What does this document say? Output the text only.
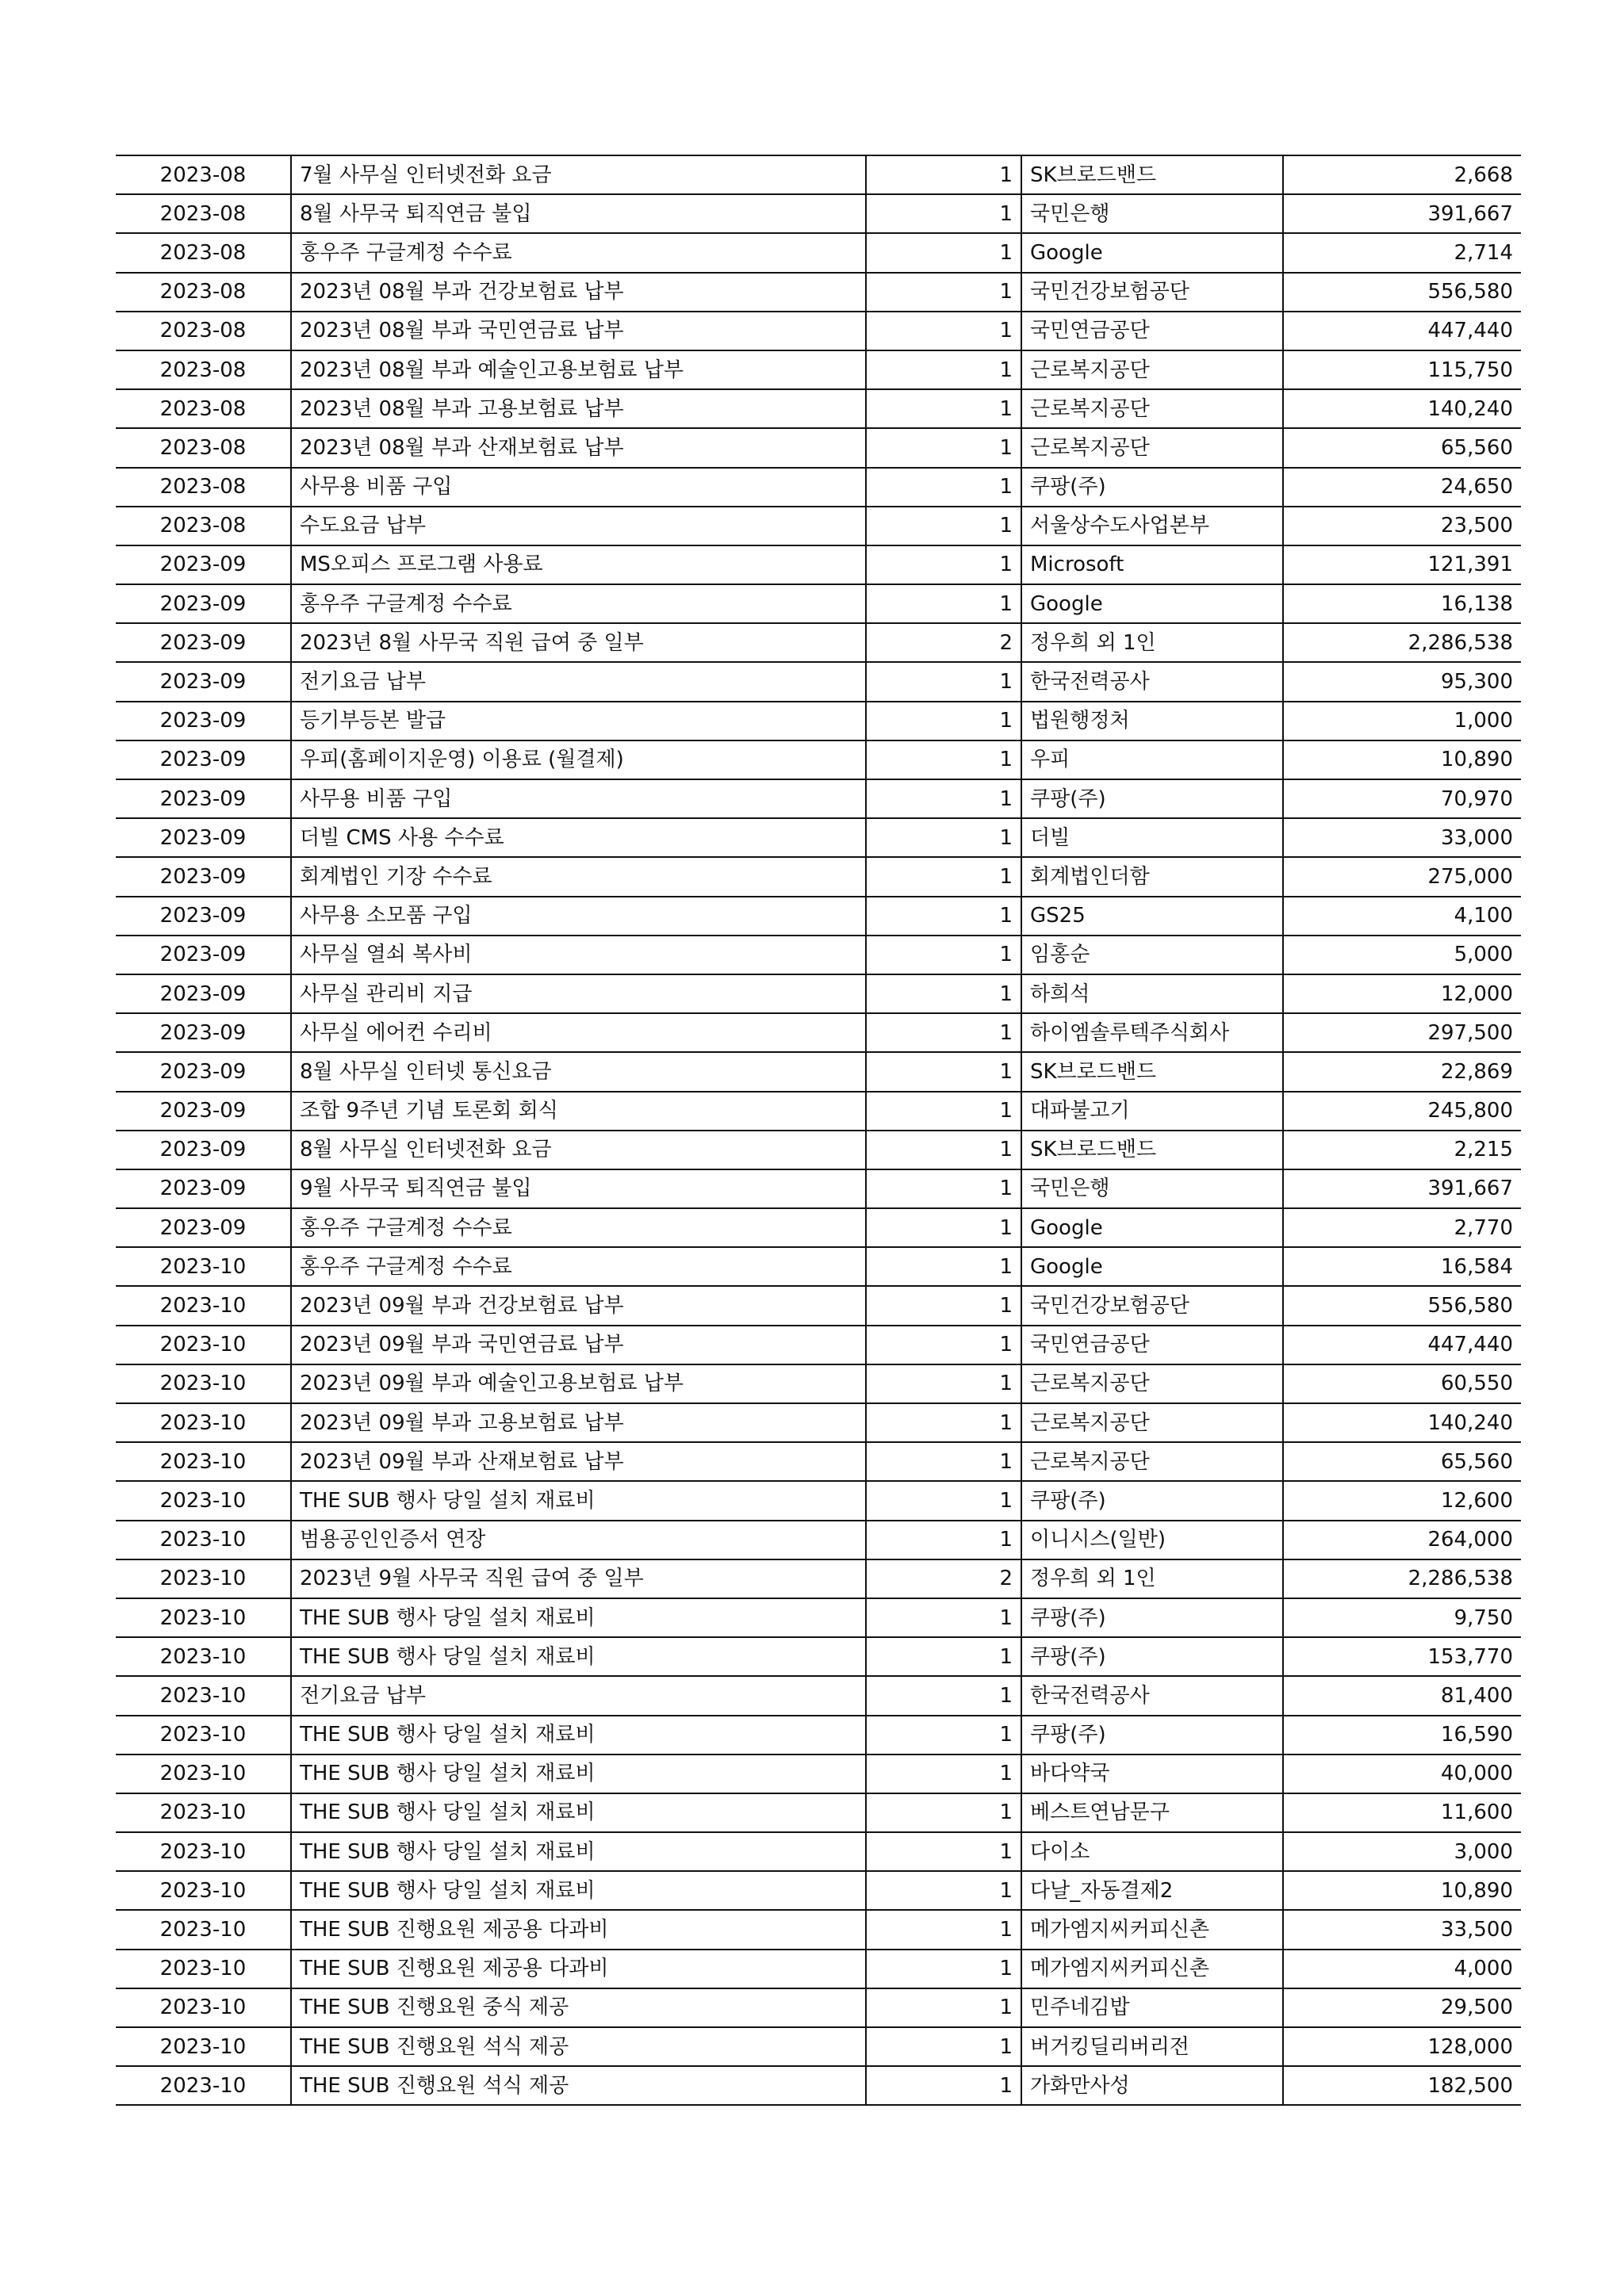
2023-08	7월 사무실 인터넷전화 요금	1	SK브로드밴드	2,668
2023-08	8월 사무국 퇴직연금 불입	1	국민은행	391,667
2023-08	홍우주 구글계정 수수료	1	Google	2,714
2023-08	2023년 08월 부과 건강보험료 납부	1	국민건강보험공단	556,580
2023-08	2023년 08월 부과 국민연금료 납부	1	국민연금공단	447,440
2023-08	2023년 08월 부과 예술인고용보험료 납부	1	근로복지공단	115,750
2023-08	2023년 08월 부과 고용보험료 납부	1	근로복지공단	140,240
2023-08	2023년 08월 부과 산재보험료 납부	1	근로복지공단	65,560
2023-08	사무용 비품 구입	1	쿠팡(주)	24,650
2023-08	수도요금 납부	1	서울상수도사업본부	23,500
2023-09	MS오피스 프로그램 사용료	1	Microsoft	121,391
2023-09	홍우주 구글계정 수수료	1	Google	16,138
2023-09	2023년 8월 사무국 직원 급여 중 일부	2	정우희 외 1인	2,286,538
2023-09	전기요금 납부	1	한국전력공사	95,300
2023-09	등기부등본 발급	1	법원행정처	1,000
2023-09	우피(홈페이지운영) 이용료 (월결제)	1	우피	10,890
2023-09	사무용 비품 구입	1	쿠팡(주)	70,970
2023-09	더빌 CMS 사용 수수료	1	더빌	33,000
2023-09	회계법인 기장 수수료	1	회계법인더함	275,000
2023-09	사무용 소모품 구입	1	GS25	4,100
2023-09	사무실 열쇠 복사비	1	임홍순	5,000
2023-09	사무실 관리비 지급	1	하희석	12,000
2023-09	사무실 에어컨 수리비	1	하이엠솔루텍주식회사	297,500
2023-09	8월 사무실 인터넷 통신요금	1	SK브로드밴드	22,869
2023-09	조합 9주년 기념 토론회 회식	1	대파불고기	245,800
2023-09	8월 사무실 인터넷전화 요금	1	SK브로드밴드	2,215
2023-09	9월 사무국 퇴직연금 불입	1	국민은행	391,667
2023-09	홍우주 구글계정 수수료	1	Google	2,770
2023-10	홍우주 구글계정 수수료	1	Google	16,584
2023-10	2023년 09월 부과 건강보험료 납부	1	국민건강보험공단	556,580
2023-10	2023년 09월 부과 국민연금료 납부	1	국민연금공단	447,440
2023-10	2023년 09월 부과 예술인고용보험료 납부	1	근로복지공단	60,550
2023-10	2023년 09월 부과 고용보험료 납부	1	근로복지공단	140,240
2023-10	2023년 09월 부과 산재보험료 납부	1	근로복지공단	65,560
2023-10	THE SUB 행사 당일 설치 재료비	1	쿠팡(주)	12,600
2023-10	범용공인인증서 연장	1	이니시스(일반)	264,000
2023-10	2023년 9월 사무국 직원 급여 중 일부	2	정우희 외 1인	2,286,538
2023-10	THE SUB 행사 당일 설치 재료비	1	쿠팡(주)	9,750
2023-10	THE SUB 행사 당일 설치 재료비	1	쿠팡(주)	153,770
2023-10	전기요금 납부	1	한국전력공사	81,400
2023-10	THE SUB 행사 당일 설치 재료비	1	쿠팡(주)	16,590
2023-10	THE SUB 행사 당일 설치 재료비	1	바다약국	40,000
2023-10	THE SUB 행사 당일 설치 재료비	1	베스트연남문구	11,600
2023-10	THE SUB 행사 당일 설치 재료비	1	다이소	3,000
2023-10	THE SUB 행사 당일 설치 재료비	1	다날_자동결제2	10,890
2023-10	THE SUB 진행요원 제공용 다과비	1	메가엠지씨커피신촌	33,500
2023-10	THE SUB 진행요원 제공용 다과비	1	메가엠지씨커피신촌	4,000
2023-10	THE SUB 진행요원 중식 제공	1	민주네김밥	29,500
2023-10	THE SUB 진행요원 석식 제공	1	버거킹딜리버리전	128,000
2023-10	THE SUB 진행요원 석식 제공	1	가화만사성	182,500
